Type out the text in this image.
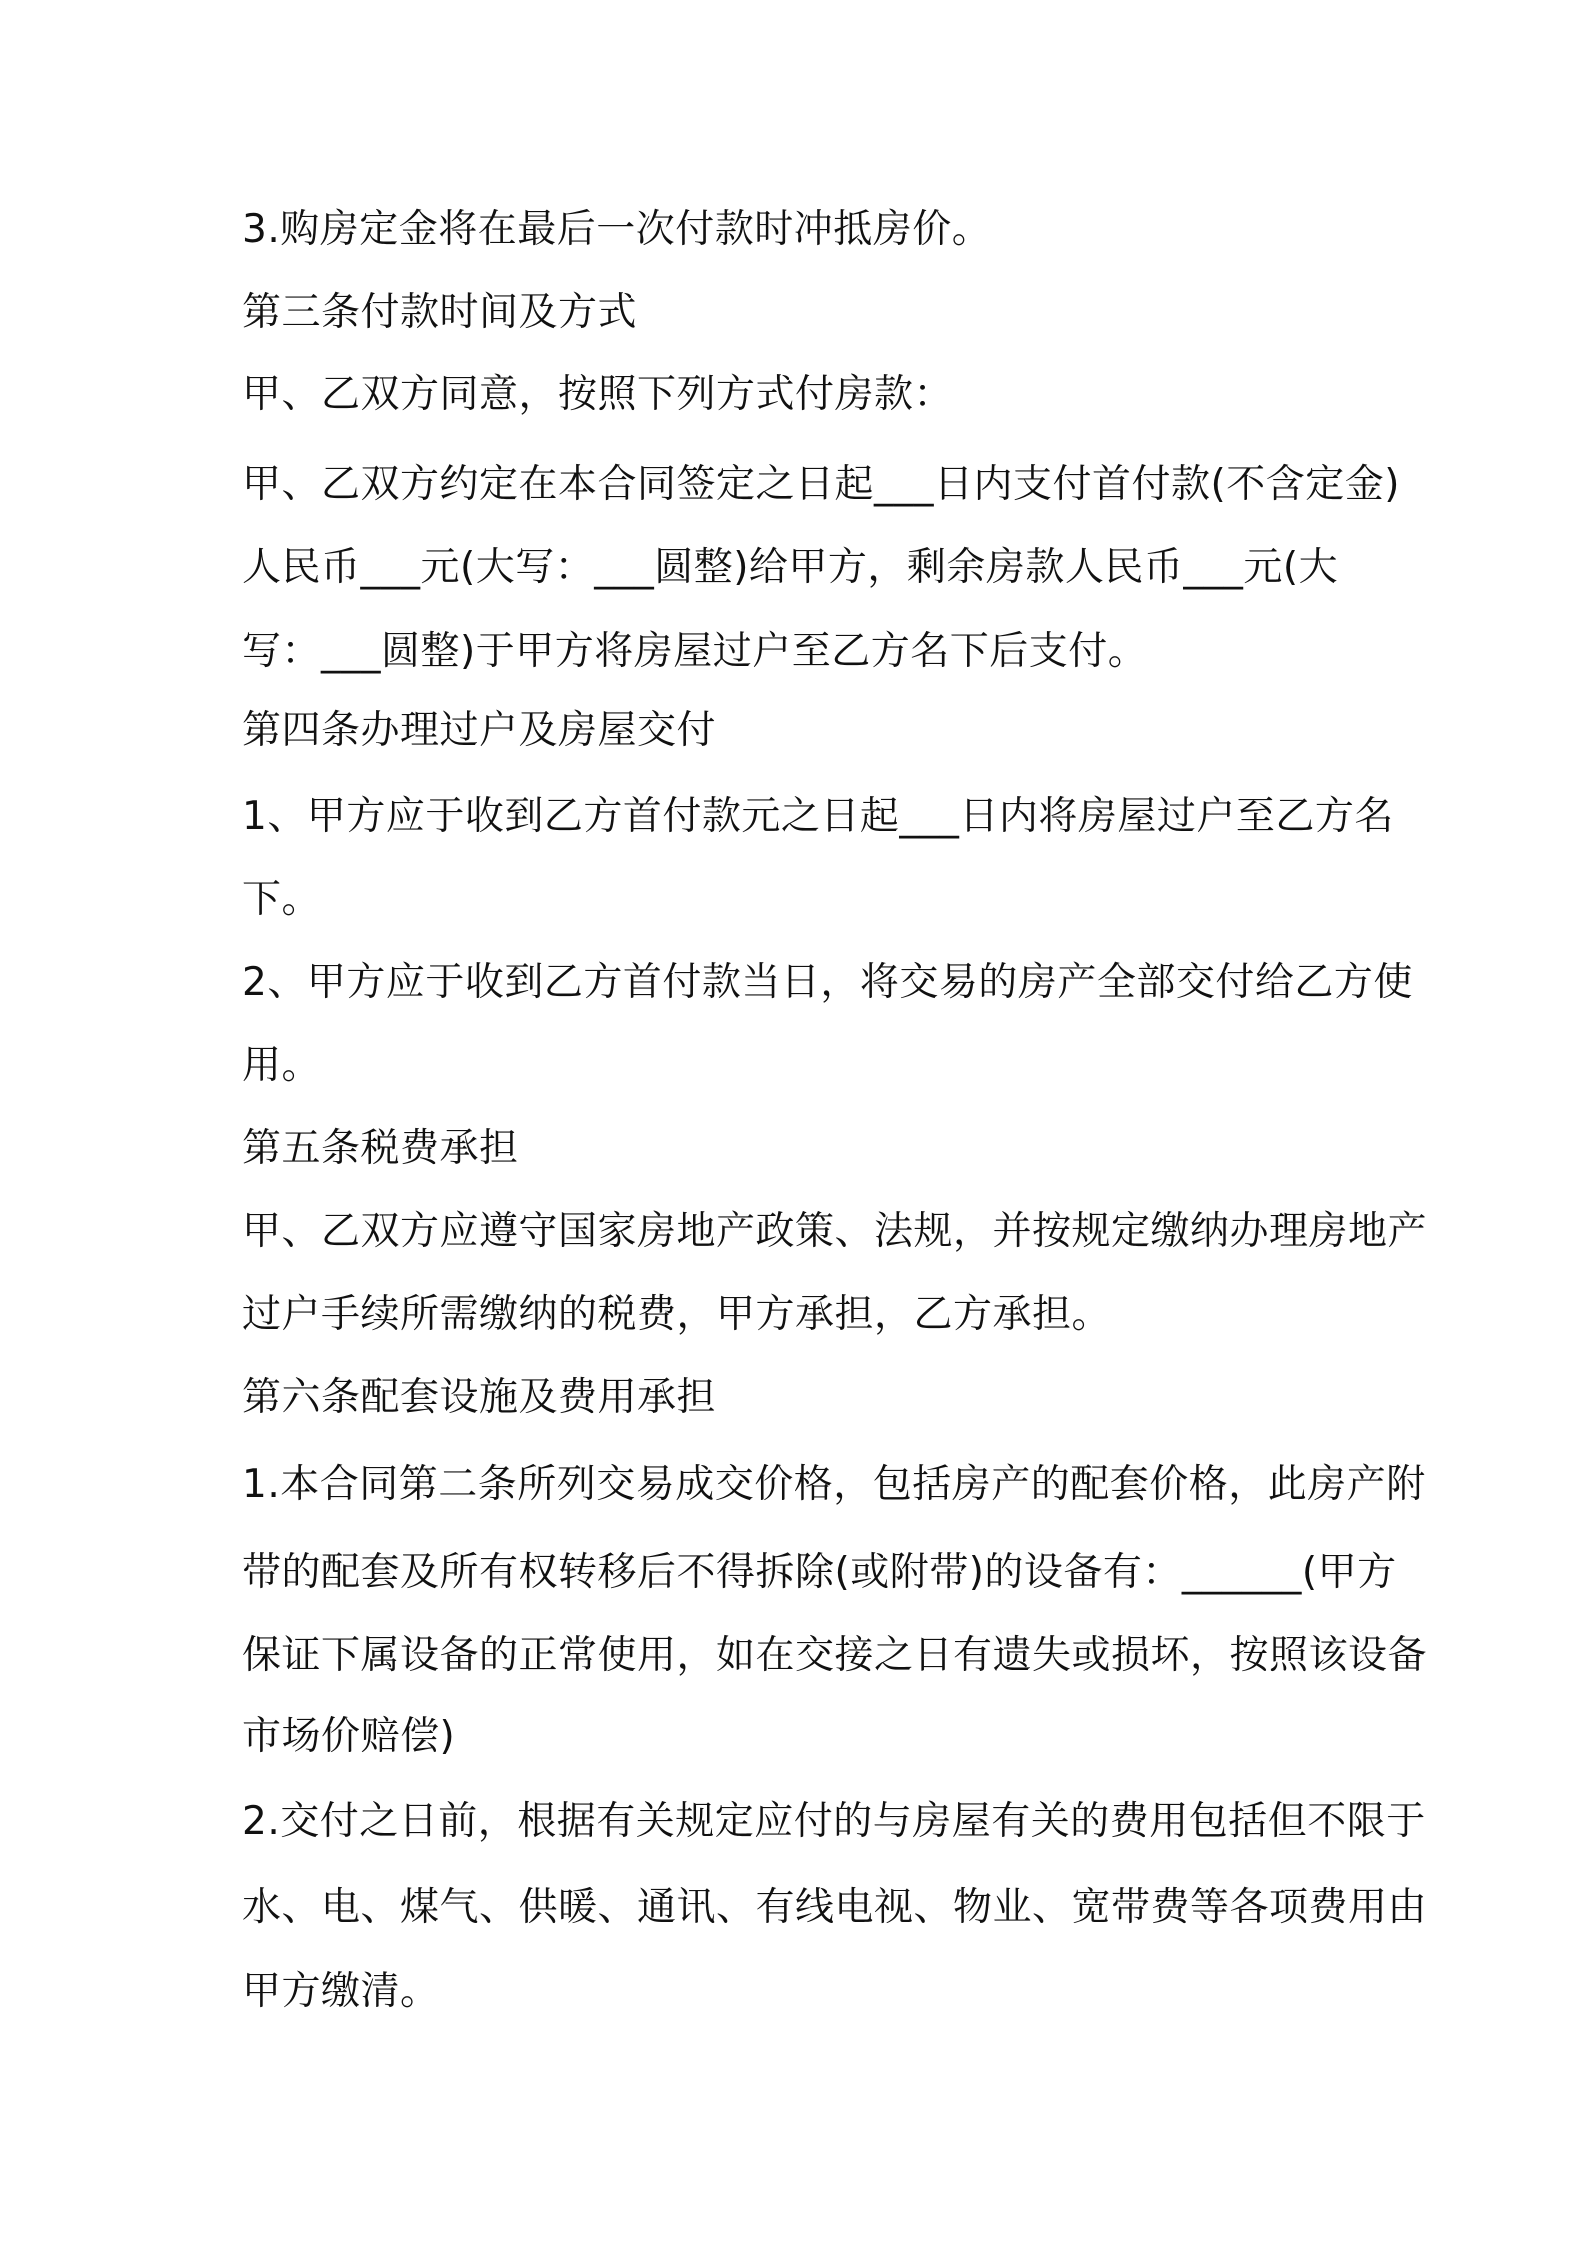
3.购房定金将在最后一次付款时冲抵房价。
第三条付款时间及方式
甲、乙双方同意，按照下列方式付房款：
甲、乙双方约定在本合同签定之日起___日内支付首付款(不含定金)
人民币___元(大写：___圆整)给甲方，剩余房款人民币___元(大
写：___圆整)于甲方将房屋过户至乙方名下后支付。
第四条办理过户及房屋交付
1、甲方应于收到乙方首付款元之日起___日内将房屋过户至乙方名
下。
2、甲方应于收到乙方首付款当日，将交易的房产全部交付给乙方使
用。
第五条税费承担
甲、乙双方应遵守国家房地产政策、法规，并按规定缴纳办理房地产
过户手续所需缴纳的税费，甲方承担，乙方承担。
第六条配套设施及费用承担
1.本合同第二条所列交易成交价格，包括房产的配套价格，此房产附
带的配套及所有权转移后不得拆除(或附带)的设备有：______(甲方
保证下属设备的正常使用，如在交接之日有遗失或损坏，按照该设备
市场价赔偿)
2.交付之日前，根据有关规定应付的与房屋有关的费用包括但不限于
水、电、煤气、供暖、通讯、有线电视、物业、宽带费等各项费用由
甲方缴清。
